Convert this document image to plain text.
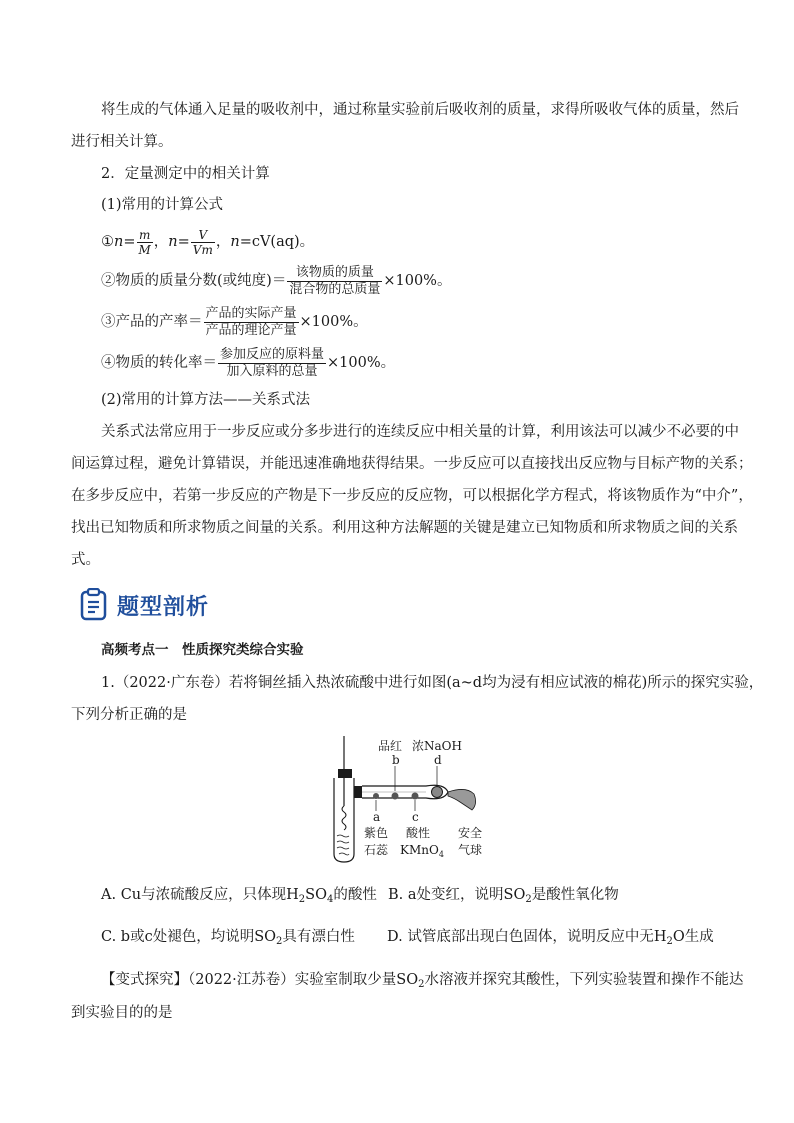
将生成的气体通入足量的吸收剂中，通过称量实验前后吸收剂的质量，求得所吸收气体的质量，然后
进行相关计算。
2．定量测定中的相关计算
(1)常用的计算公式
① $n = \frac{m}{M}$ ， $n = \frac{V}{Vm}$ ， n =cV(aq)。
②物质的质量分数(或纯度)＝ $\frac{\text{该物质的质量}}{\text{混合物的总质量}} \times 100\%$。
③产品的产率＝ $\frac{\text{产品的实际产量}}{\text{产品的理论产量}} \times 100\%$。
④物质的转化率＝ $\frac{\text{参加反应的原料量}}{\text{加入原料的总量}} \times 100\%$。
(2)常用的计算方法——关系式法
关系式法常应用于一步反应或分多步进行的连续反应中相关量的计算，利用该法可以减少不必要的中
间运算过程，避免计算错误，并能迅速准确地获得结果。一步反应可以直接找出反应物与目标产物的关系；
在多步反应中，若第一步反应的产物是下一步反应的反应物，可以根据化学方程式，将该物质作为“中介”，
找出已知物质和所求物质之间量的关系。利用这种方法解题的关键是建立已知物质和所求物质之间的关系
式。
题型剖析
高频考点一　性质探究类综合实验
1.（2022·广东卷）若将铜丝插入热浓硫酸中进行如图(a~d均为浸有相应试液的棉花)所示的探究实验，
下列分析正确的是
品红 浓NaOH
b	d
a	c
紫色
石蕊
酸性
KMnO$_4$
安全
气球
A. Cu与浓硫酸反应，只体现$H_2SO_4$的酸性 B. a处变红，说明$SO_2$是酸性氧化物
C. b或c处褪色，均说明$SO_2$具有漂白性 D. 试管底部出现白色固体，说明反应中无$H_2O$生成
【变式探究】（2022·江苏卷）实验室制取少量$SO_2$水溶液并探究其酸性，下列实验装置和操作不能达
到实验目的的是
